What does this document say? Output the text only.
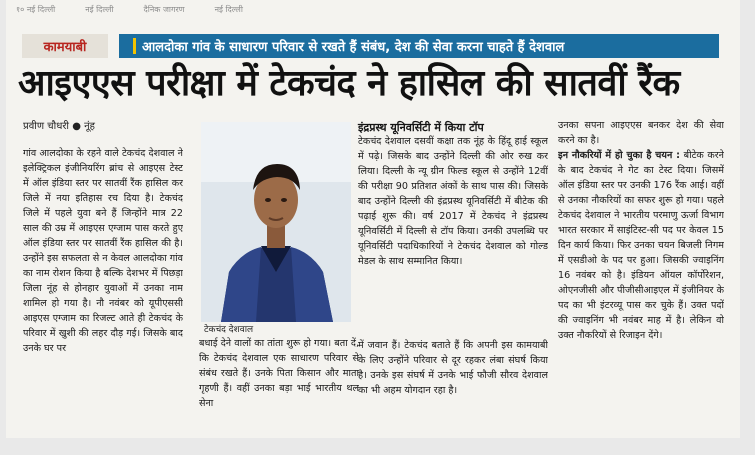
१० नई दिल्ली	नई दिल्ली	दैनिक जागरण	नई दिल्ली
कामयाबी	आलदोका गांव के साधारण परिवार से रखते हैं संबंध, देश की सेवा करना चाहते हैं देशवाल
आइएएस परीक्षा में टेकचंद ने हासिल की सातवीं रैंक
प्रवीण चौधरी ● नूंह

गांव आलदोका के रहने वाले टेकचंद देशवाल ने इलेक्ट्रिकल इंजीनियरिंग ब्रांच से आइएस टेस्ट में ऑल इंडिया स्तर पर सातवीं रैंक हासिल कर जिले में नया इतिहास रच दिया है। टेकचंद जिले में पहले युवा बने हैं जिन्होंने मात्र 22 साल की उम्र में आइएस एग्जाम पास करते हुए ऑल इंडिया स्तर पर सातवीं रैंक हासिल की है। उन्होंने इस सफलता से न केवल आलदोका गांव का नाम रोशन किया है बल्कि देशभर में पिछड़ा जिला नूंह से होनहार युवाओं में उनका नाम शामिल हो गया है। नौ नवंबर को यूपीएससी आइएस एग्जाम का रिजल्ट आते ही टेकचंद के परिवार में खुशी की लहर दौड़ गई। जिसके बाद उनके घर पर

टेकचंद देशवाल

बधाई देने वालों का तांता शुरू हो गया। बता दें, कि टेकचंद देशवाल एक साधारण परिवार से संबंध रखते हैं। उनके पिता किसान और माता गृहणी हैं। वहीं उनका बड़ा भाई भारतीय थल सेना

इंद्रप्रस्थ यूनिवर्सिटी में किया टॉप

टेकचंद देशवाल दसवीं कक्षा तक नूंह के हिंदू हाई स्कूल में पढ़े। जिसके बाद उन्होंने दिल्ली की ओर रुख कर लिया। दिल्ली के न्यू ग्रीन फिल्ड स्कूल से उन्होंने 12वीं की परीक्षा 90 प्रतिशत अंकों के साथ पास की। जिसके बाद उन्होंने दिल्ली की इंद्रप्रस्थ यूनिवर्सिटी में बीटेक की पढ़ाई शुरू की। वर्ष 2017 में टेकचंद ने इंद्रप्रस्थ यूनिवर्सिटी में दिल्ली से टॉप किया। उनकी उपलब्धि पर यूनिवर्सिटी पदाधिकारियों ने टेकचंद देशवाल को गोल्ड मेडल के साथ सम्मानित किया।

में जवान हैं। टेकचंद बताते हैं कि अपनी इस कामयाबी के लिए उन्होंने परिवार से दूर रहकर लंबा संघर्ष किया है। उनके इस संघर्ष में उनके भाई फौजी सौरव देशवाल का भी अहम योगदान रहा है।

उनका सपना आइएएस बनकर देश की सेवा करने का है।

इन नौकरियों में हो चुका है चयन : बीटेक करने के बाद टेकचंद ने गेट का टेस्ट दिया। जिसमें ऑल इंडिया स्तर पर उनकी 176 रैंक आई। वहीं से उनका नौकरियों का सफर शुरू हो गया। पहले टेकचंद देशवाल ने भारतीय परमाणु ऊर्जा विभाग भारत सरकार में साइंटिस्ट-सी पद पर केवल 15 दिन कार्य किया। फिर उनका चयन बिजली निगम में एसडीओ के पद पर हुआ। जिसकी ज्वाइनिंग 16 नवंबर को है। इंडियन ऑयल कॉर्पोरेशन, ओएनजीसी और पीजीसीआइएल में इंजीनियर के पद का भी इंटरव्यू पास कर चुके हैं। उक्त पदों की ज्वाइनिंग भी नवंबर माह में है। लेकिन वो उक्त नौकरियों से रिजाइन देंगे।
